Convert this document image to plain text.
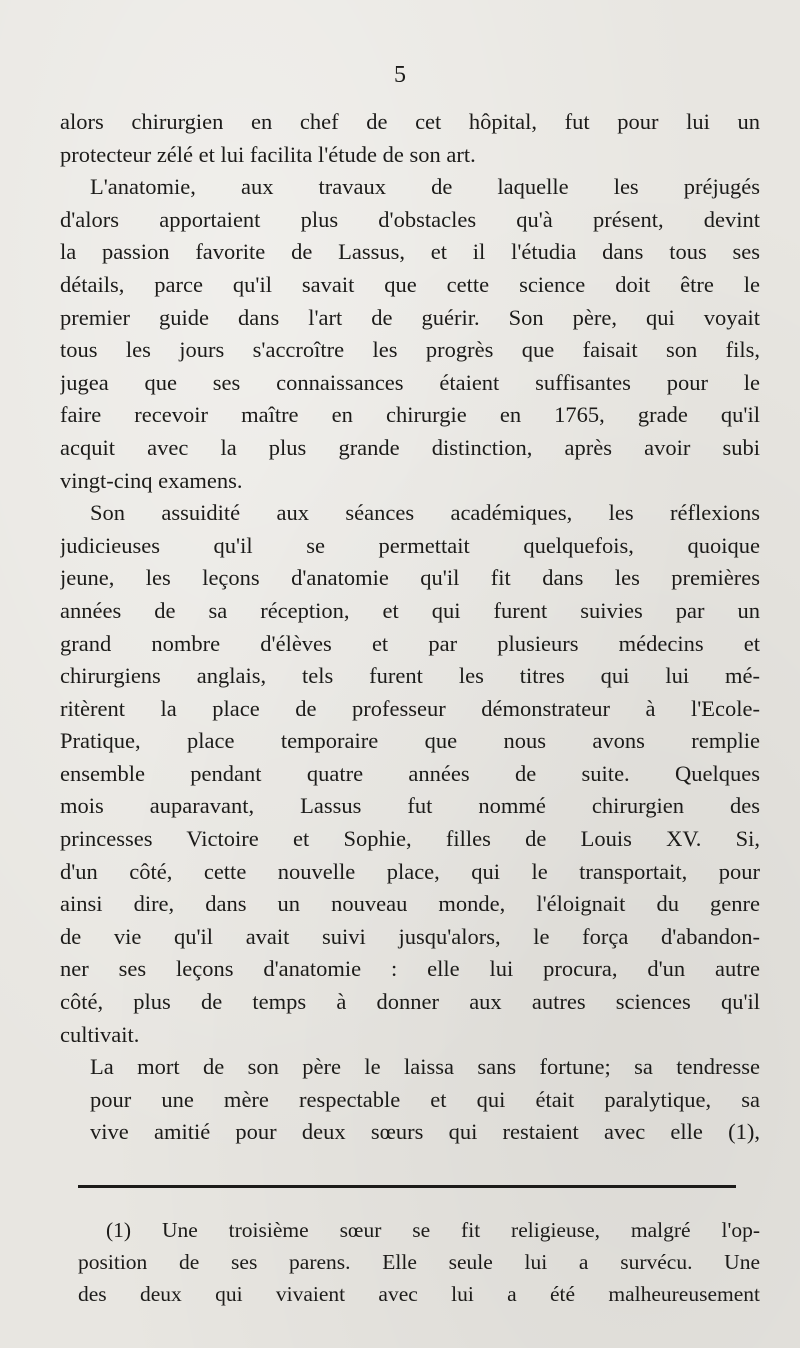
5
alors chirurgien en chef de cet hôpital, fut pour lui un
protecteur zélé et lui facilita l'étude de son art.
L'anatomie, aux travaux de laquelle les préjugés
d'alors apportaient plus d'obstacles qu'à présent, devint
la passion favorite de Lassus, et il l'étudia dans tous ses
détails, parce qu'il savait que cette science doit être le
premier guide dans l'art de guérir. Son père, qui voyait
tous les jours s'accroître les progrès que faisait son fils,
jugea que ses connaissances étaient suffisantes pour le
faire recevoir maître en chirurgie en 1765, grade qu'il
acquit avec la plus grande distinction, après avoir subi
vingt-cinq examens.
Son assuidité aux séances académiques, les réflexions
judicieuses qu'il se permettait quelquefois, quoique
jeune, les leçons d'anatomie qu'il fit dans les premières
années de sa réception, et qui furent suivies par un
grand nombre d'élèves et par plusieurs médecins et
chirurgiens anglais, tels furent les titres qui lui mé-
ritèrent la place de professeur démonstrateur à l'Ecole-
Pratique, place temporaire que nous avons remplie
ensemble pendant quatre années de suite. Quelques
mois auparavant, Lassus fut nommé chirurgien des
princesses Victoire et Sophie, filles de Louis XV. Si,
d'un côté, cette nouvelle place, qui le transportait, pour
ainsi dire, dans un nouveau monde, l'éloignait du genre
de vie qu'il avait suivi jusqu'alors, le força d'abandon-
ner ses leçons d'anatomie : elle lui procura, d'un autre
côté, plus de temps à donner aux autres sciences qu'il
cultivait.
La mort de son père le laissa sans fortune; sa tendresse
pour une mère respectable et qui était paralytique, sa
vive amitié pour deux sœurs qui restaient avec elle (1),
(1) Une troisième sœur se fit religieuse, malgré l'op-
position de ses parens. Elle seule lui a survécu. Une
des deux qui vivaient avec lui a été malheureusement
